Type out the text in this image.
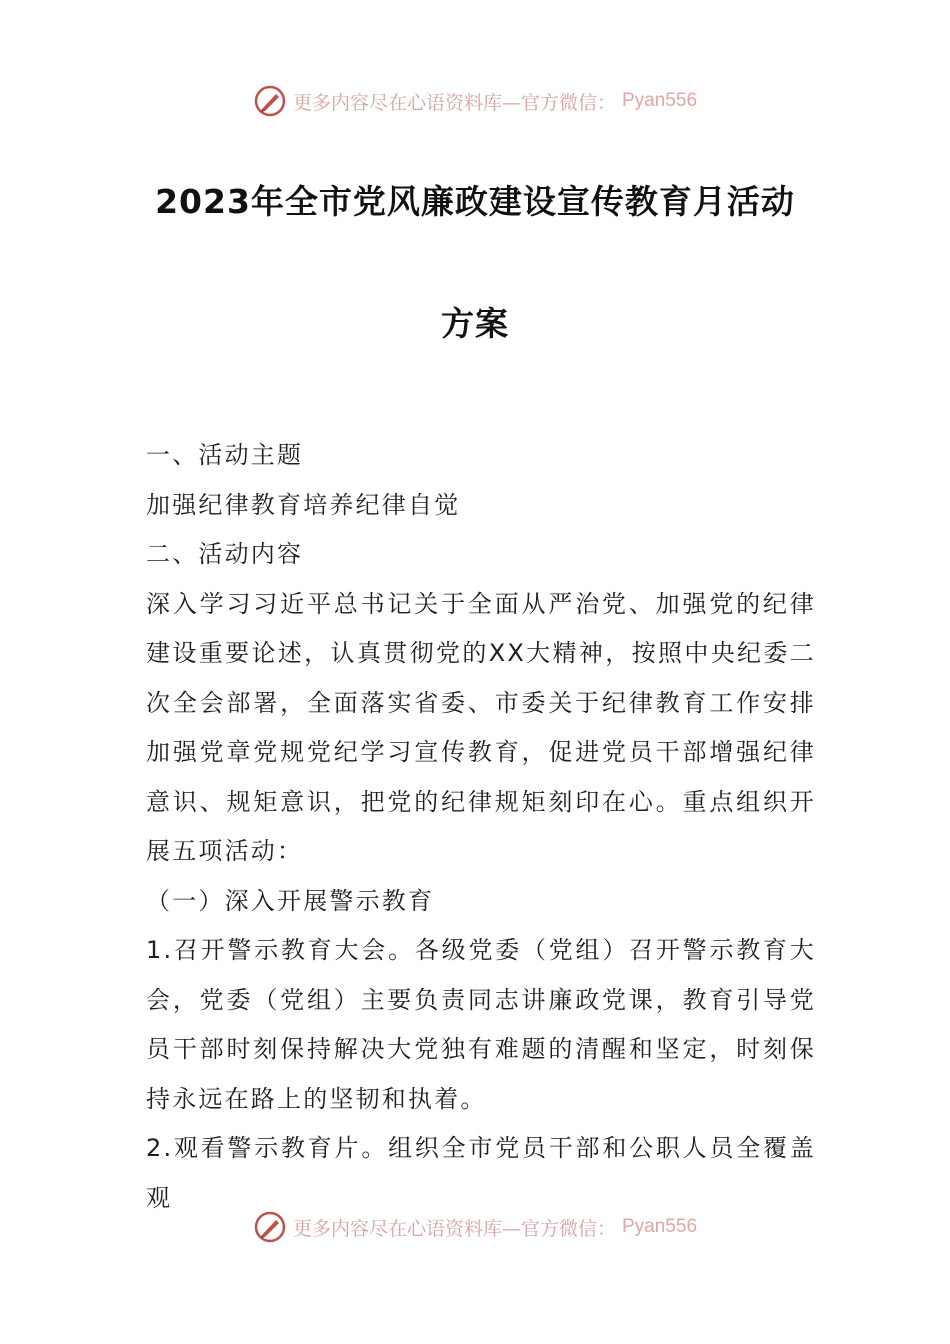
更多内容尽在心语资料库—官方微信： Pyan556
2023年全市党风廉政建设宣传教育月活动
方案

一、活动主题

加强纪律教育培养纪律自觉

二、活动内容

深入学习习近平总书记关于全面从严治党、加强党的纪律建设重要论述，认真贯彻党的XX大精神，按照中央纪委二次全会部署，全面落实省委、市委关于纪律教育工作安排加强党章党规党纪学习宣传教育，促进党员干部增强纪律意识、规矩意识，把党的纪律规矩刻印在心。重点组织开展五项活动：

（一）深入开展警示教育

1.召开警示教育大会。各级党委（党组）召开警示教育大会，党委（党组）主要负责同志讲廉政党课，教育引导党员干部时刻保持解决大党独有难题的清醒和坚定，时刻保持永远在路上的坚韧和执着。

2.观看警示教育片。组织全市党员干部和公职人员全覆盖观

更多内容尽在心语资料库—官方微信： Pyan556
